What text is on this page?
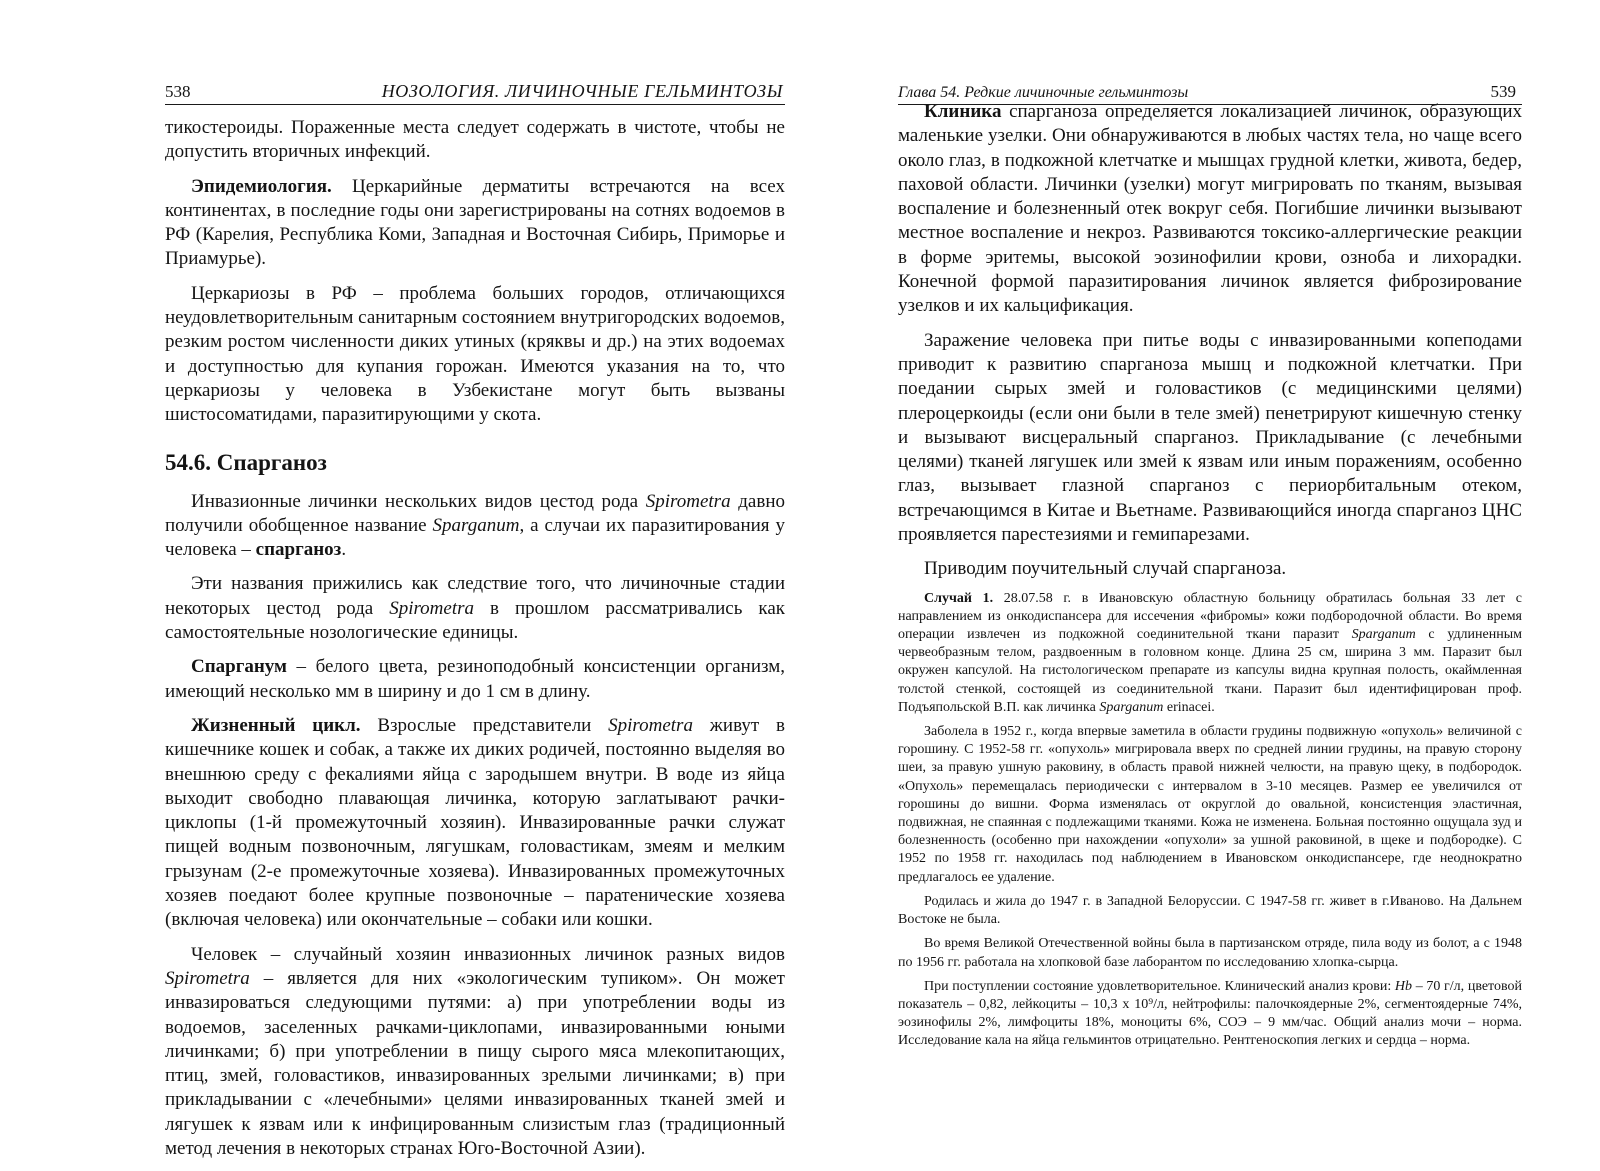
538	НОЗОЛОГИЯ. ЛИЧИНОЧНЫЕ ГЕЛЬМИНТОЗЫ

тикостероиды. Пораженные места следует содержать в чистоте, чтобы не допустить вторичных инфекций.

Эпидемиология. Церкарийные дерматиты встречаются на всех континентах, в последние годы они зарегистрированы на сотнях водоемов в РФ (Карелия, Республика Коми, Западная и Восточная Сибирь, Приморье и Приамурье).

Церкариозы в РФ – проблема больших городов, отличающихся неудовлетворительным санитарным состоянием внутригородских водоемов, резким ростом численности диких утиных (кряквы и др.) на этих водоемах и доступностью для купания горожан. Имеются указания на то, что церкариозы у человека в Узбекистане могут быть вызваны шистосоматидами, паразитирующими у скота.

54.6. Спарганоз

Инвазионные личинки нескольких видов цестод рода Spirometra давно получили обобщенное название Sparganum, а случаи их паразитирования у человека – спарганоз.

Эти названия прижились как следствие того, что личиночные стадии некоторых цестод рода Spirometra в прошлом рассматривались как самостоятельные нозологические единицы.

Спарганум – белого цвета, резиноподобный консистенции организм, имеющий несколько мм в ширину и до 1 см в длину.

Жизненный цикл. Взрослые представители Spirometra живут в кишечнике кошек и собак, а также их диких родичей, постоянно выделяя во внешнюю среду с фекалиями яйца с зародышем внутри. В воде из яйца выходит свободно плавающая личинка, которую заглатывают рачки-циклопы (1-й промежуточный хозяин). Инвазированные рачки служат пищей водным позвоночным, лягушкам, головастикам, змеям и мелким грызунам (2-е промежуточные хозяева). Инвазированных промежуточных хозяев поедают более крупные позвоночные – паратенические хозяева (включая человека) или окончательные – собаки или кошки.

Человек – случайный хозяин инвазионных личинок разных видов Spirometra – является для них «экологическим тупиком». Он может инвазироваться следующими путями: а) при употреблении воды из водоемов, заселенных рачками-циклопами, инвазированными юными личинками; б) при употреблении в пищу сырого мяса млекопитающих, птиц, змей, головастиков, инвазированных зрелыми личинками; в) при прикладывании с «лечебными» целями инвазированных тканей змей и лягушек к язвам или к инфицированным слизистым глаз (традиционный метод лечения в некоторых странах Юго-Восточной Азии).

Глава 54. Редкие личиночные гельминтозы	539

Клиника спарганоза определяется локализацией личинок, образующих маленькие узелки. Они обнаруживаются в любых частях тела, но чаще всего около глаз, в подкожной клетчатке и мышцах грудной клетки, живота, бедер, паховой области. Личинки (узелки) могут мигрировать по тканям, вызывая воспаление и болезненный отек вокруг себя. Погибшие личинки вызывают местное воспаление и некроз. Развиваются токсико-аллергические реакции в форме эритемы, высокой эозинофилии крови, озноба и лихорадки. Конечной формой паразитирования личинок является фиброзирование узелков и их кальцификация.

Заражение человека при питье воды с инвазированными копеподами приводит к развитию спарганоза мышц и подкожной клетчатки. При поедании сырых змей и головастиков (с медицинскими целями) плероцеркоиды (если они были в теле змей) пенетрируют кишечную стенку и вызывают висцеральный спарганоз. Прикладывание (с лечебными целями) тканей лягушек или змей к язвам или иным поражениям, особенно глаз, вызывает глазной спарганоз с периорбитальным отеком, встречающимся в Китае и Вьетнаме. Развивающийся иногда спарганоз ЦНС проявляется парестезиями и гемипарезами.

Приводим поучительный случай спарганоза.

Случай 1. 28.07.58 г. в Ивановскую областную больницу обратилась больная 33 лет с направлением из онкодиспансера для иссечения «фибромы» кожи подбородочной области. Во время операции извлечен из подкожной соединительной ткани паразит Sparganum с удлиненным червеобразным телом, раздвоенным в головном конце. Длина 25 см, ширина 3 мм. Паразит был окружен капсулой. На гистологическом препарате из капсулы видна крупная полость, окаймленная толстой стенкой, состоящей из соединительной ткани. Паразит был идентифицирован проф. Подъяпольской В.П. как личинка Sparganum erinacei.

Заболела в 1952 г., когда впервые заметила в области грудины подвижную «опухоль» величиной с горошину. С 1952-58 гг. «опухоль» мигрировала вверх по средней линии грудины, на правую сторону шеи, за правую ушную раковину, в область правой нижней челюсти, на правую щеку, в подбородок. «Опухоль» перемещалась периодически с интервалом в 3-10 месяцев. Размер ее увеличился от горошины до вишни. Форма изменялась от округлой до овальной, консистенция эластичная, подвижная, не спаянная с подлежащими тканями. Кожа не изменена. Больная постоянно ощущала зуд и болезненность (особенно при нахождении «опухоли» за ушной раковиной, в щеке и подбородке). С 1952 по 1958 гг. находилась под наблюдением в Ивановском онкодиспансере, где неоднократно предлагалось ее удаление.

Родилась и жила до 1947 г. в Западной Белоруссии. С 1947-58 гг. живет в г.Иваново. На Дальнем Востоке не была.

Во время Великой Отечественной войны была в партизанском отряде, пила воду из болот, а с 1948 по 1956 гг. работала на хлопковой базе лаборантом по исследованию хлопка-сырца.

При поступлении состояние удовлетворительное. Клинический анализ крови: Hb – 70 г/л, цветовой показатель – 0,82, лейкоциты – 10,3 х 10⁹/л, нейтрофилы: палочкоядерные 2%, сегментоядерные 74%, эозинофилы 2%, лимфоциты 18%, моноциты 6%, СОЭ – 9 мм/час. Общий анализ мочи – норма. Исследование кала на яйца гельминтов отрицательно. Рентгеноскопия легких и сердца – норма.
